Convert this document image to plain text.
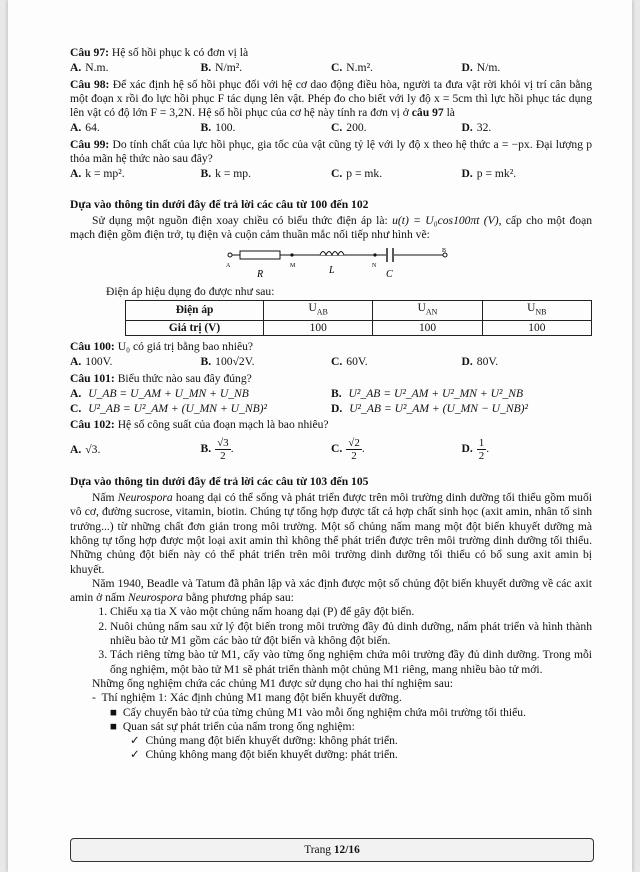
Câu 97: Hệ số hồi phục k có đơn vị là

A. N.m.	B. N/m².	C. N.m².	D. N/m.

Câu 98: Để xác định hệ số hồi phục đối với hệ cơ dao động điều hòa, người ta đưa vật rời khỏi vị trí cân bằng một đoạn x rồi đo lực hồi phục F tác dụng lên vật. Phép đo cho biết với ly độ x = 5cm thì lực hồi phục tác dụng lên vật có độ lớn F = 3,2N. Hệ số hồi phục của cơ hệ này tính ra đơn vị ở câu 97 là

A. 64.	B. 100.	C. 200.	D. 32.

Câu 99: Do tính chất của lực hồi phục, gia tốc của vật cũng tỷ lệ với ly độ x theo hệ thức a = −px. Đại lượng p thỏa mãn hệ thức nào sau đây?

A. k = mp².	B. k = mp.	C. p = mk.	D. p = mk².

Dựa vào thông tin dưới đây để trả lời các câu từ 100 đến 102

Sử dụng một nguồn điện xoay chiều có biểu thức điện áp là: u(t) = U₀cos100πt (V), cấp cho một đoạn mạch điện gồm điện trở, tụ điện và cuộn cảm thuần mắc nối tiếp như hình vẽ:

A	M	N
B
R	L	C

Điện áp hiệu dụng đo được như sau:

Điện áp	$U_{AB}$	$U_{AN}$	$U_{NB}$
Giá trị (V)	100	100	100

Câu 100: U₀ có giá trị bằng bao nhiêu?

A. 100V.	B. 100√2V.	C. 60V.	D. 80V.

Câu 101: Biểu thức nào sau đây đúng?

A. U_AB = U_AM + U_MN + U_NB	B. U²_AB = U²_AM + U²_MN + U²_NB
C. U²_AB = U²_AM + (U_MN + U_NB)²	D. U²_AB = U²_AM + (U_MN − U_NB)²

Câu 102: Hệ số công suất của đoạn mạch là bao nhiêu?

A. √3.	B. $\frac{√3}{2}$ .	C. $\frac{√2}{2}$ .	D. $\frac{1}{2}$ .

Dựa vào thông tin dưới đây để trả lời các câu từ 103 đến 105

Nấm Neurospora hoang dại có thể sống và phát triển được trên môi trường dinh dưỡng tối thiểu gồm muối vô cơ, đường sucrose, vitamin, biotin. Chúng tự tổng hợp được tất cả hợp chất sinh học (axit amin, nhân tố sinh trưởng...) từ những chất đơn giản trong môi trường. Một số chủng nấm mang một đột biến khuyết dưỡng mà không tự tổng hợp được một loại axit amin thì không thể phát triển được trên môi trường dinh dưỡng tối thiểu. Những chủng đột biến này có thể phát triển trên môi trường dinh dưỡng tối thiểu có bổ sung axit amin bị khuyết.

Năm 1940, Beadle và Tatum đã phân lập và xác định được một số chủng đột biến khuyết dưỡng về các axit amin ở nấm Neurospora bằng phương pháp sau:

1. Chiếu xạ tia X vào một chủng nấm hoang dại (P) để gây đột biến.
2. Nuôi chủng nấm sau xử lý đột biến trong môi trường đầy đủ dinh dưỡng, nấm phát triển và hình thành nhiều bào tử M1 gồm các bào tử đột biến và không đột biến.
3. Tách riêng từng bào tử M1, cấy vào từng ống nghiệm chứa môi trường đầy đủ dinh dưỡng. Trong mỗi ống nghiệm, một bào tử M1 sẽ phát triển thành một chủng M1 riêng, mang nhiều bào tử mới.

Những ống nghiệm chứa các chủng M1 được sử dụng cho hai thí nghiệm sau:

-  Thí nghiệm 1: Xác định chủng M1 mang đột biến khuyết dưỡng.

■  Cấy chuyển bào tử của từng chủng M1 vào mỗi ống nghiệm chứa môi trường tối thiểu.

■  Quan sát sự phát triển của nấm trong ống nghiệm:

✓ Chủng mang đột biến khuyết dưỡng: không phát triển.

✓ Chủng không mang đột biến khuyết dưỡng: phát triển.

Trang 12/16
